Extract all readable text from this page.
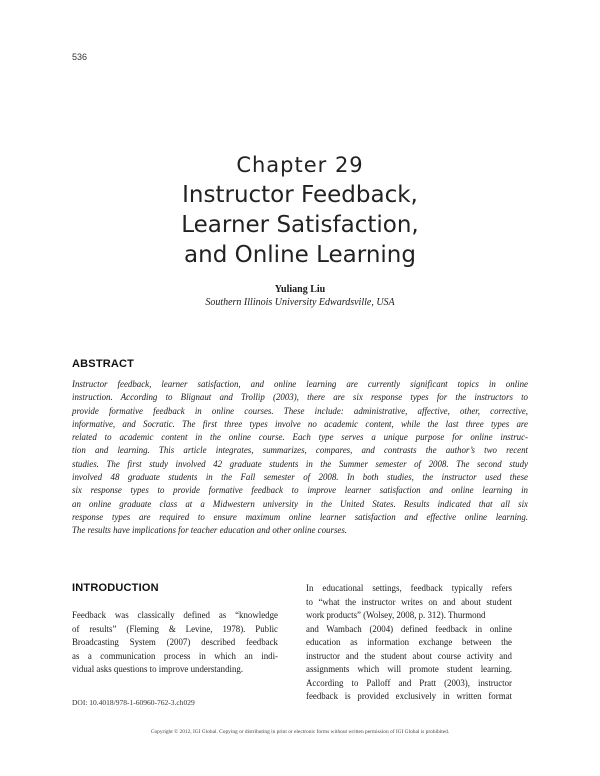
536
Chapter 29
Instructor Feedback,
Learner Satisfaction,
and Online Learning
Yuliang Liu
Southern Illinois University Edwardsville, USA
ABSTRACT
Instructor feedback, learner satisfaction, and online learning are currently significant topics in online
instruction. According to Blignaut and Trollip (2003), there are six response types for the instructors to
provide formative feedback in online courses. These include: administrative, affective, other, corrective,
informative, and Socratic. The first three types involve no academic content, while the last three types are
related to academic content in the online course. Each type serves a unique purpose for online instruc-
tion and learning. This article integrates, summarizes, compares, and contrasts the author’s two recent
studies. The first study involved 42 graduate students in the Summer semester of 2008. The second study
involved 48 graduate students in the Fall semester of 2008. In both studies, the instructor used these
six response types to provide formative feedback to improve learner satisfaction and online learning in
an online graduate class at a Midwestern university in the United States. Results indicated that all six
response types are required to ensure maximum online learner satisfaction and effective online learning.
The results have implications for teacher education and other online courses.
INTRODUCTION
Feedback was classically defined as “knowledge
of results” (Fleming & Levine, 1978). Public
Broadcasting System (2007) described feedback
as a communication process in which an indi-
vidual asks questions to improve understanding.
In educational settings, feedback typically refers
to “what the instructor writes on and about student
work products” (Wolsey, 2008, p. 312). Thurmond
and Wambach (2004) defined feedback in online
education as information exchange between the
instructor and the student about course activity and
assignments which will promote student learning.
According to Palloff and Pratt (2003), instructor
feedback is provided exclusively in written format
DOI: 10.4018/978-1-60960-762-3.ch029
Copyright © 2012, IGI Global. Copying or distributing in print or electronic forms without written permission of IGI Global is prohibited.
